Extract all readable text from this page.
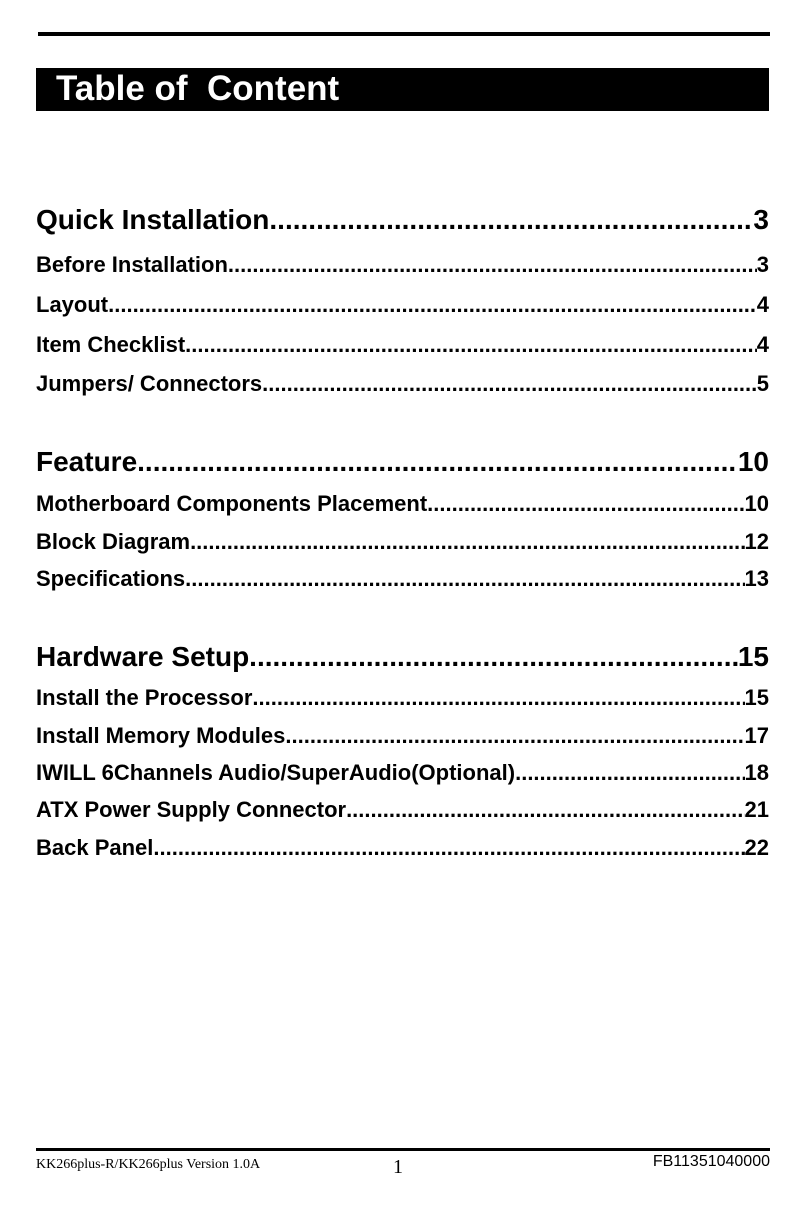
Table of  Content
Quick Installation .....	3
Before Installation .....	3
Layout .....	4
Item Checklist .....	4
Jumpers/ Connectors .....	5
Feature .....	10
Motherboard Components Placement .....	10
Block Diagram .....	12
Specifications .....	13
Hardware Setup .....	15
Install the Processor .....	15
Install Memory Modules .....	17
IWILL 6Channels Audio/SuperAudio(Optional) .....	18
ATX Power Supply Connector .....	21
Back Panel .....	22
KK266plus-R/KK266plus Version 1.0A	1	FB11351040000
